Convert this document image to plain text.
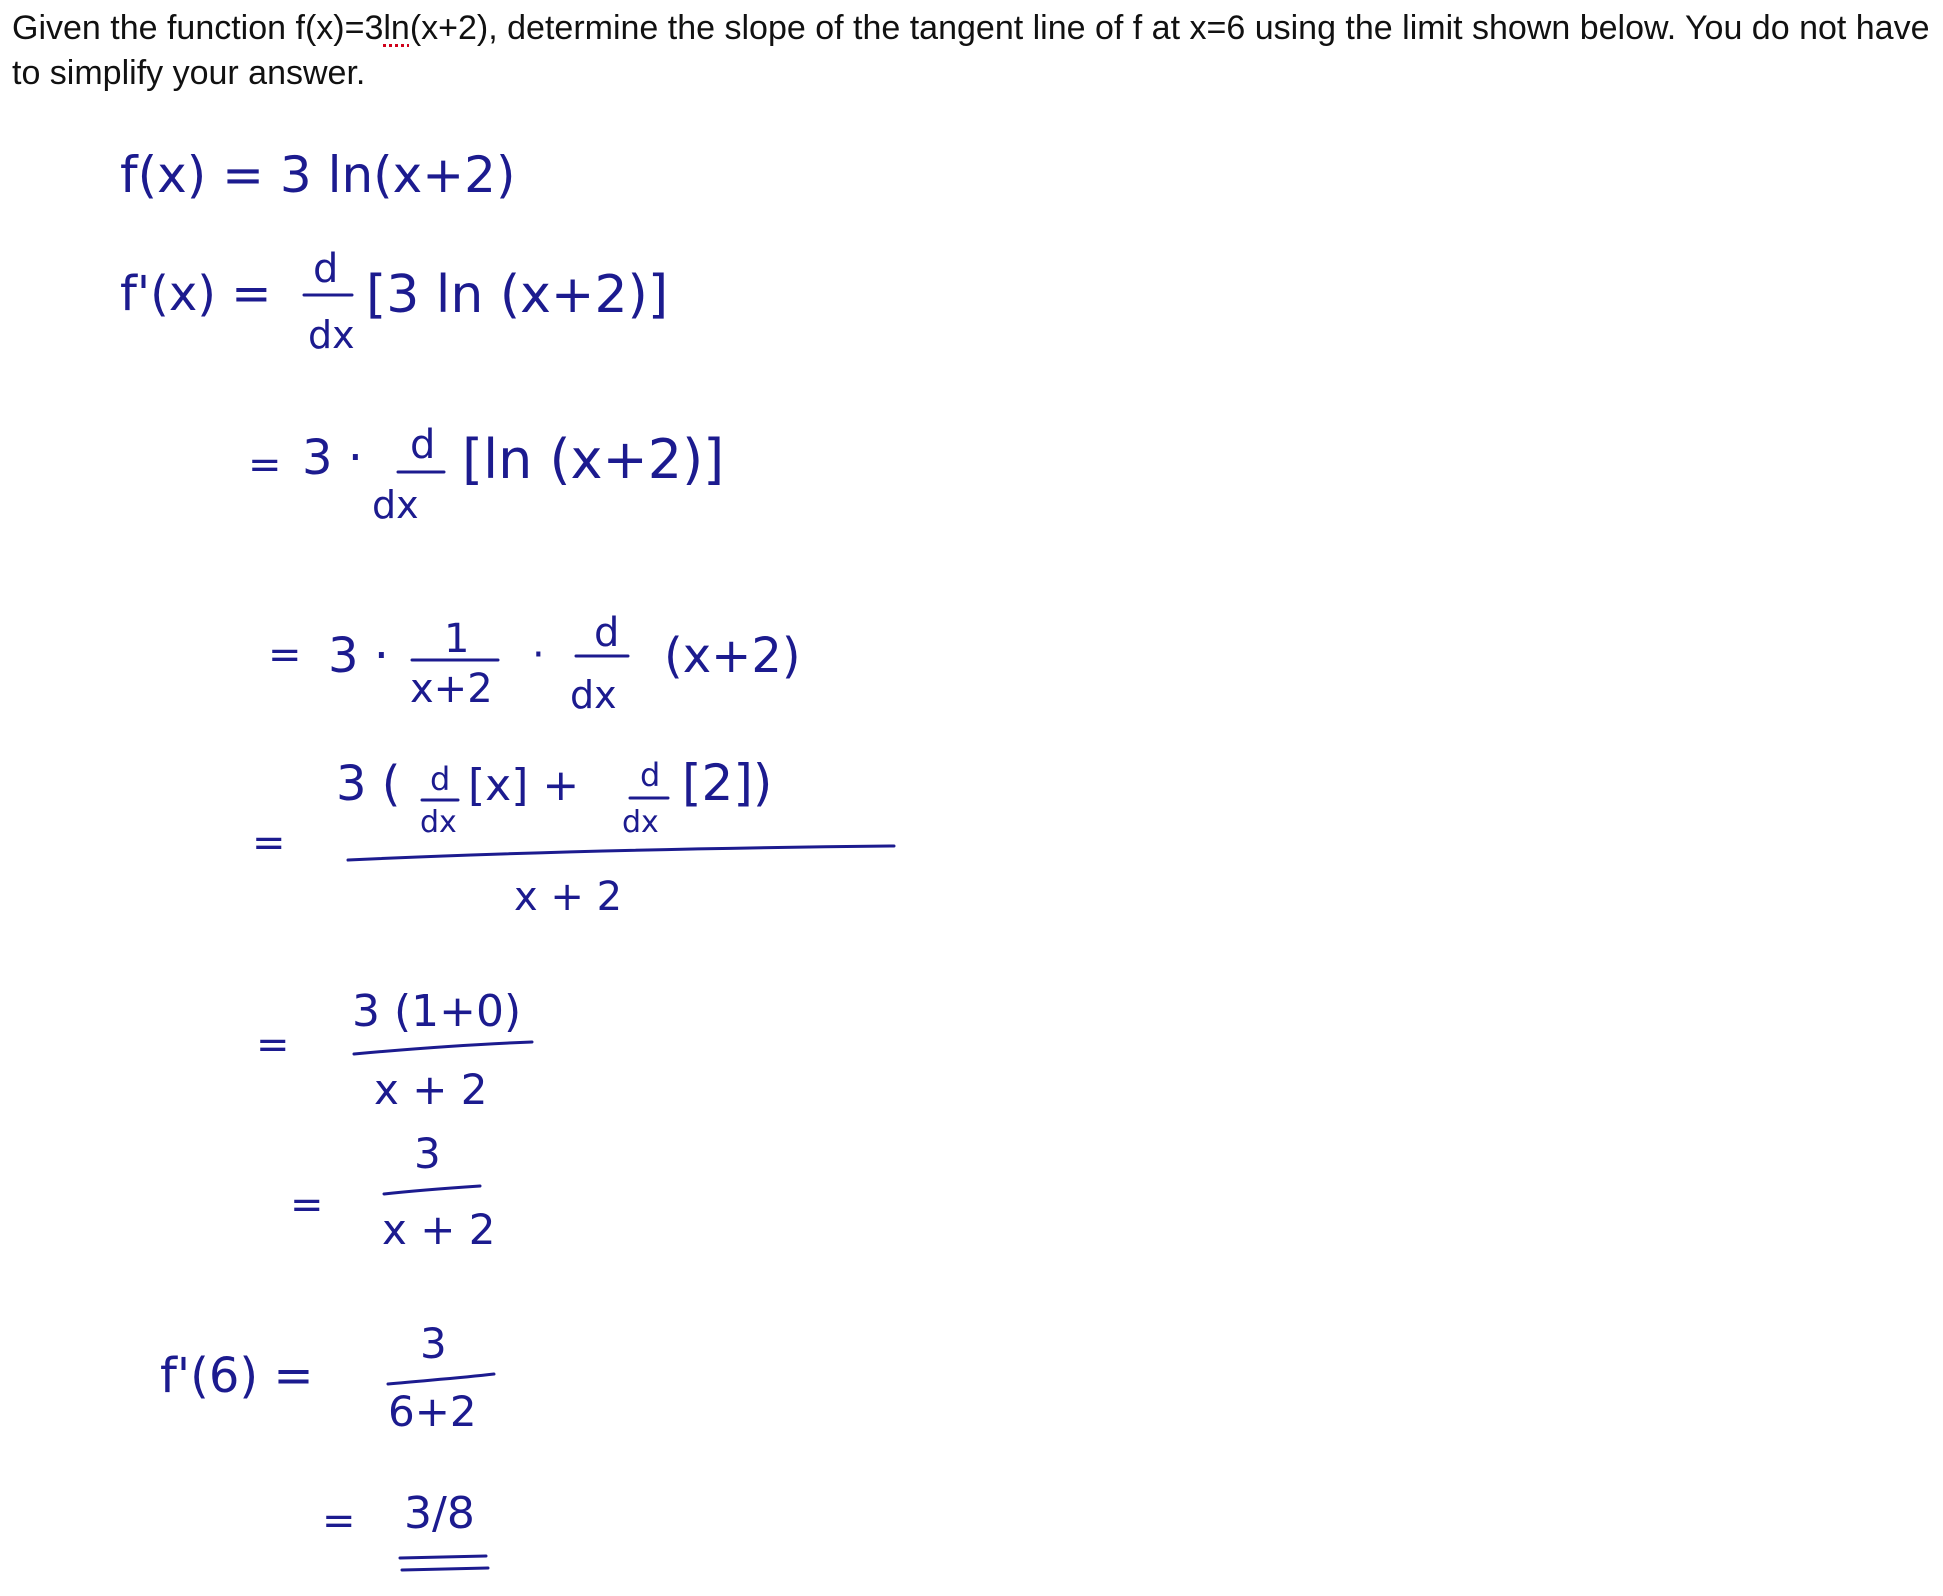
Given the function f(x)=3ln(x+2), determine the slope of the tangent line of f at x=6 using the limit shown below. You do not have to simplify your answer.
f(x) = 3 ln(x+2)
f'(x) = d
dx
[3 ln (x+2)]
= 3 · d
dx
[ln (x+2)]
= 3 · 1
x+2
· d
dx
(x+2)
=
3 ( d
dx
[x] + d
dx
[2])
x + 2
=
3 (1+0)
x + 2
=
3
x + 2
f'(6) =
3
6+2
= 3/8
